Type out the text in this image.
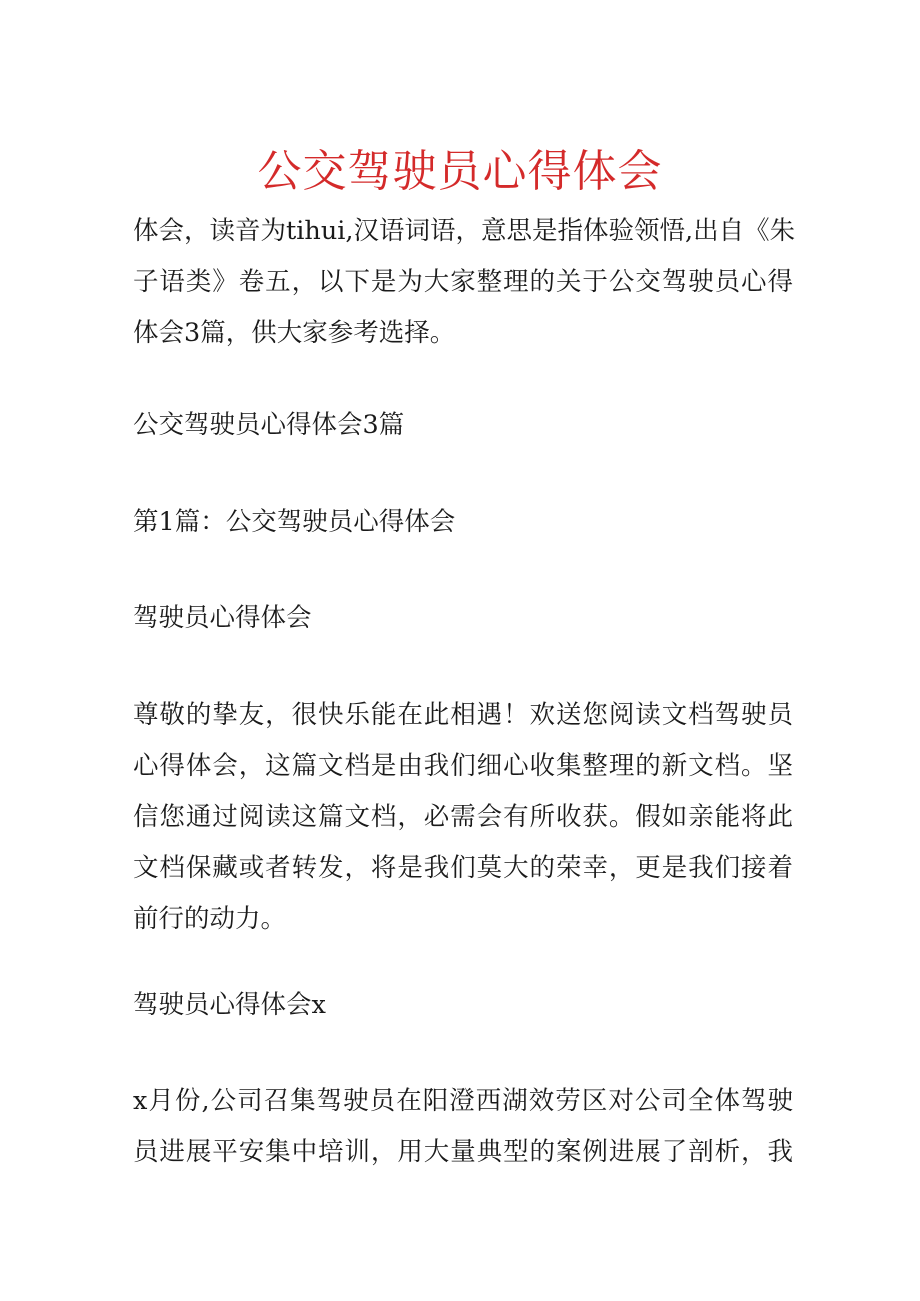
公交驾驶员心得体会
体会，读音为tihui,汉语词语，意思是指体验领悟,出自《朱
子语类》卷五，以下是为大家整理的关于公交驾驶员心得
体会3篇，供大家参考选择。
公交驾驶员心得体会3篇
第1篇：公交驾驶员心得体会
驾驶员心得体会
尊敬的挚友，很快乐能在此相遇！欢送您阅读文档驾驶员
心得体会，这篇文档是由我们细心收集整理的新文档。坚
信您通过阅读这篇文档，必需会有所收获。假如亲能将此
文档保藏或者转发，将是我们莫大的荣幸，更是我们接着
前行的动力。
驾驶员心得体会x
x月份,公司召集驾驶员在阳澄西湖效劳区对公司全体驾驶
员进展平安集中培训，用大量典型的案例进展了剖析，我
